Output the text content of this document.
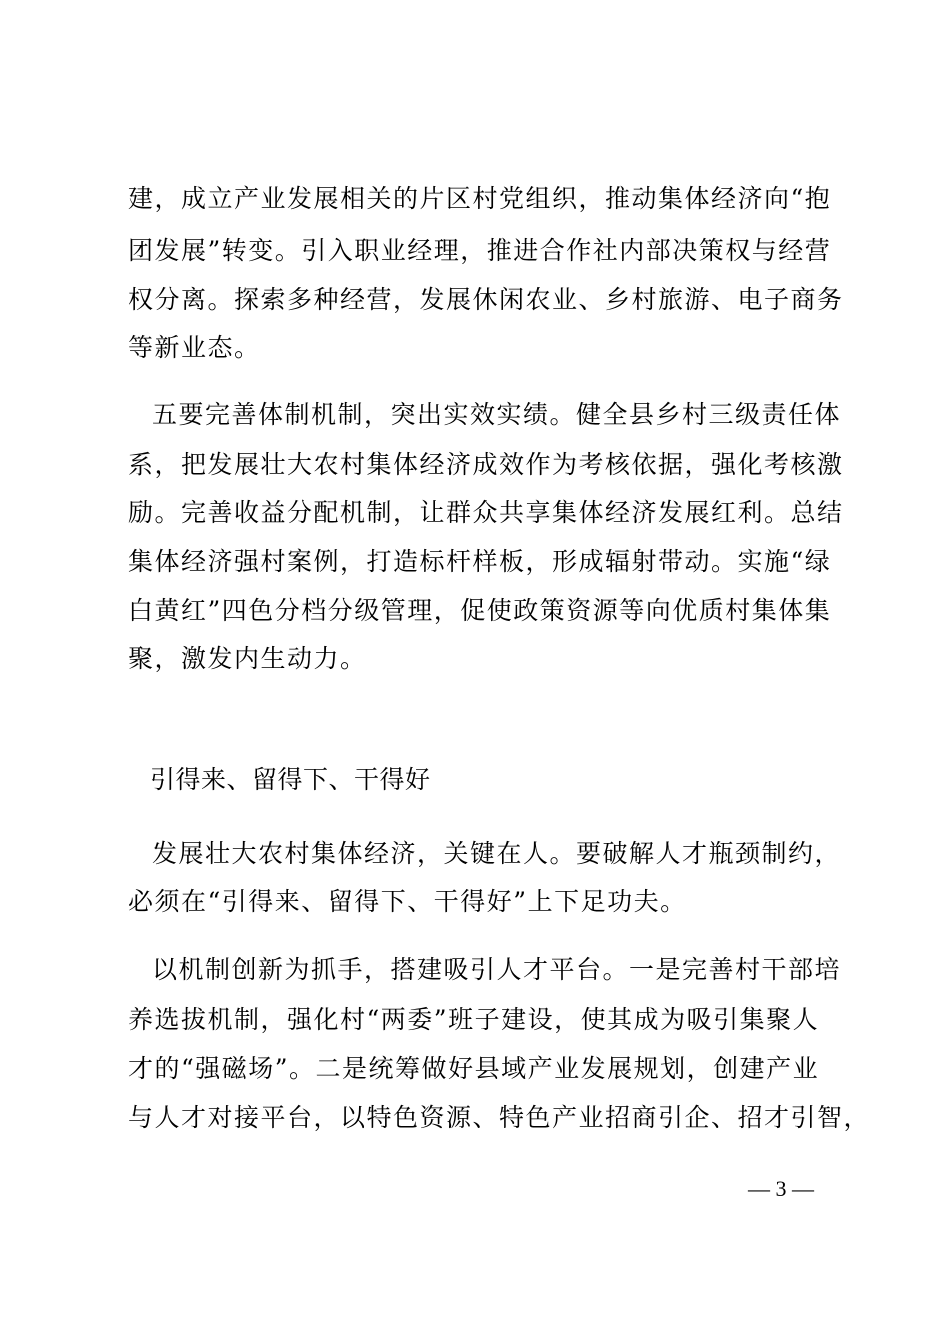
建，成立产业发展相关的片区村党组织，推动集体经济向“抱
团发展”转变。引入职业经理，推进合作社内部决策权与经营
权分离。探索多种经营，发展休闲农业、乡村旅游、电子商务
等新业态。
五要完善体制机制，突出实效实绩。健全县乡村三级责任体
系，把发展壮大农村集体经济成效作为考核依据，强化考核激
励。完善收益分配机制，让群众共享集体经济发展红利。总结
集体经济强村案例，打造标杆样板，形成辐射带动。实施“绿
白黄红”四色分档分级管理，促使政策资源等向优质村集体集
聚，激发内生动力。
引得来、留得下、干得好
发展壮大农村集体经济，关键在人。要破解人才瓶颈制约，
必须在“引得来、留得下、干得好”上下足功夫。
以机制创新为抓手，搭建吸引人才平台。一是完善村干部培
养选拔机制，强化村“两委”班子建设，使其成为吸引集聚人
才的“强磁场”。二是统筹做好县域产业发展规划，创建产业
与人才对接平台，以特色资源、特色产业招商引企、招才引智，
— 3 —
